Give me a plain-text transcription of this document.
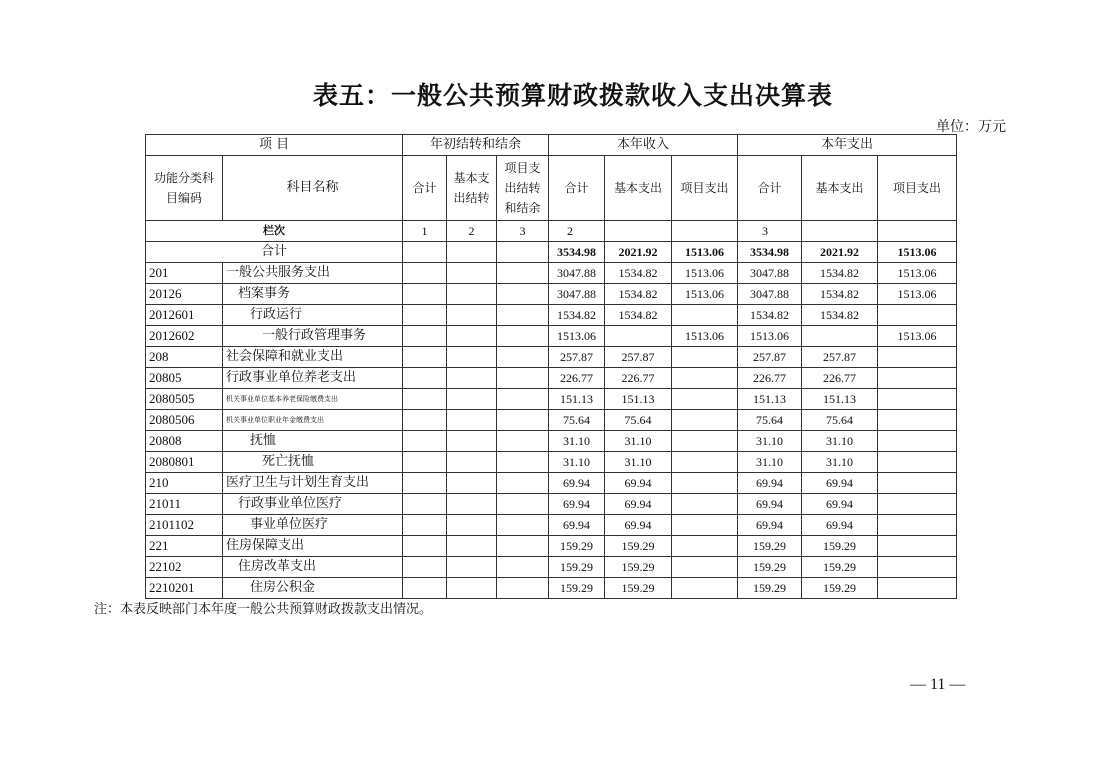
表五：一般公共预算财政拨款收入支出决算表
单位：万元
项 目		年初结转和结余			本年收入			本年支出		
功能分类科目编码	科目名称	合计	基本支出结转	项目支出结转和结余	合计	基本支出	项目支出	合计	基本支出	项目支出
栏次		1	2	3	2			3		
合计					3534.98	2021.92	1513.06	3534.98	2021.92	1513.06
201	一般公共服务支出				3047.88	1534.82	1513.06	3047.88	1534.82	1513.06
20126	档案事务				3047.88	1534.82	1513.06	3047.88	1534.82	1513.06
2012601	行政运行				1534.82	1534.82		1534.82	1534.82	
2012602	一般行政管理事务				1513.06		1513.06	1513.06		1513.06
208	社会保障和就业支出				257.87	257.87		257.87	257.87	
20805	行政事业单位养老支出				226.77	226.77		226.77	226.77	
2080505	机关事业单位基本养老保险缴费支出				151.13	151.13		151.13	151.13	
2080506	机关事业单位职业年金缴费支出				75.64	75.64		75.64	75.64	
20808	抚恤				31.10	31.10		31.10	31.10	
2080801	死亡抚恤				31.10	31.10		31.10	31.10	
210	医疗卫生与计划生育支出				69.94	69.94		69.94	69.94	
21011	行政事业单位医疗				69.94	69.94		69.94	69.94	
2101102	事业单位医疗				69.94	69.94		69.94	69.94	
221	住房保障支出				159.29	159.29		159.29	159.29	
22102	住房改革支出				159.29	159.29		159.29	159.29	
2210201	住房公积金				159.29	159.29		159.29	159.29	
注：本表反映部门本年度一般公共预算财政拨款支出情况。
— 11 —
